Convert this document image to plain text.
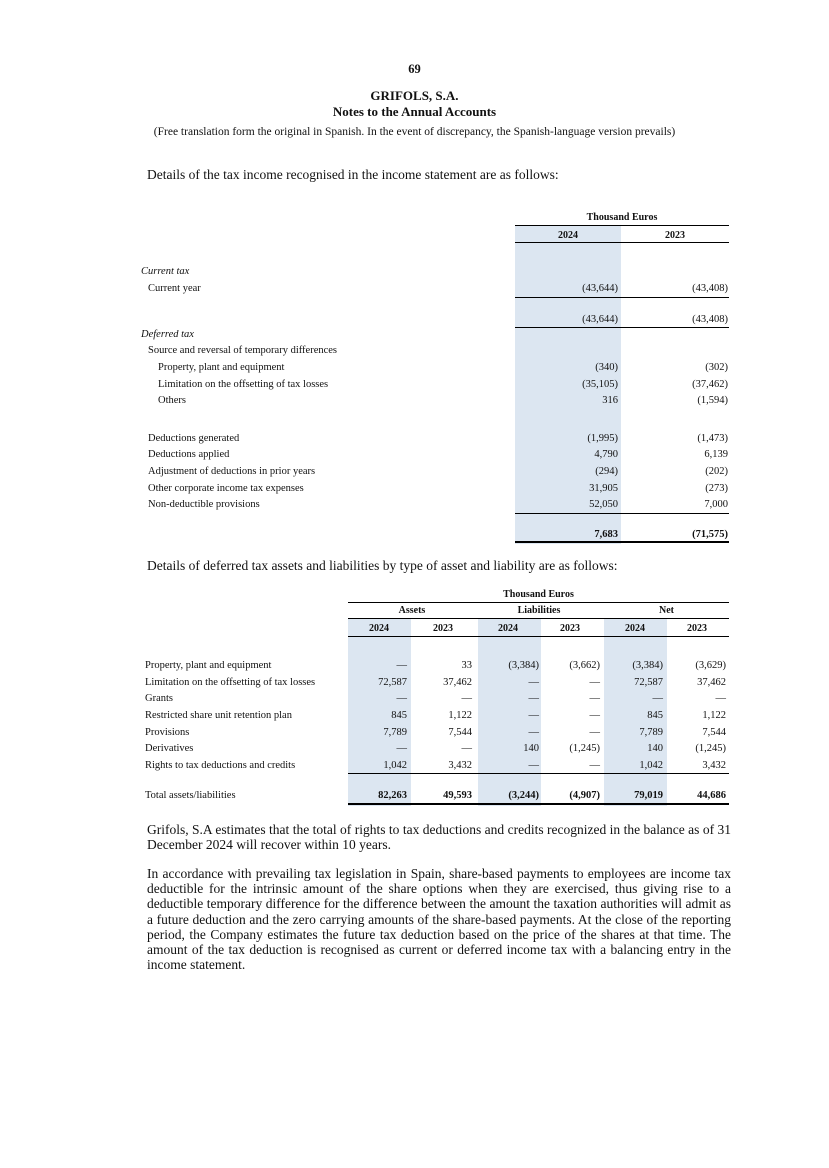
69
GRIFOLS, S.A.
Notes to the Annual Accounts
(Free translation form the original in Spanish. In the event of discrepancy, the Spanish-language version prevails)
Details of the tax income recognised in the income statement are as follows:
Thousand Euros
2024	2023
Current tax
Current year	(43,644)	(43,408)
(43,644)	(43,408)
Deferred tax
Source and reversal of temporary differences
Property, plant and equipment	(340)	(302)
Limitation on the offsetting of tax losses	(35,105)	(37,462)
Others	316	(1,594)
Deductions generated	(1,995)	(1,473)
Deductions applied	4,790	6,139
Adjustment of deductions in prior years	(294)	(202)
Other corporate income tax expenses	31,905	(273)
Non-deductible provisions	52,050	7,000
7,683	(71,575)
Details of deferred tax assets and liabilities by type of asset and liability are as follows:
Thousand Euros
Assets	Liabilities	Net
2024	2023	2024	2023	2024	2023
Property, plant and equipment	—	33	(3,384)	(3,662)	(3,384)	(3,629)
Limitation on the offsetting of tax losses	72,587	37,462	—	—	72,587	37,462
Grants	—	—	—	—	—	—
Restricted share unit retention plan	845	1,122	—	—	845	1,122
Provisions	7,789	7,544	—	—	7,789	7,544
Derivatives	—	—	140	(1,245)	140	(1,245)
Rights to tax deductions and credits	1,042	3,432	—	—	1,042	3,432
Total assets/liabilities	82,263	49,593	(3,244)	(4,907)	79,019	44,686
Grifols, S.A estimates that the total of rights to tax deductions and credits recognized in the balance as of 31 December 2024 will recover within 10 years.
In accordance with prevailing tax legislation in Spain, share-based payments to employees are income tax deductible for the intrinsic amount of the share options when they are exercised, thus giving rise to a deductible temporary difference for the difference between the amount the taxation authorities will admit as a future deduction and the zero carrying amounts of the share-based payments. At the close of the reporting period, the Company estimates the future tax deduction based on the price of the shares at that time. The amount of the tax deduction is recognised as current or deferred income tax with a balancing entry in the income statement.
